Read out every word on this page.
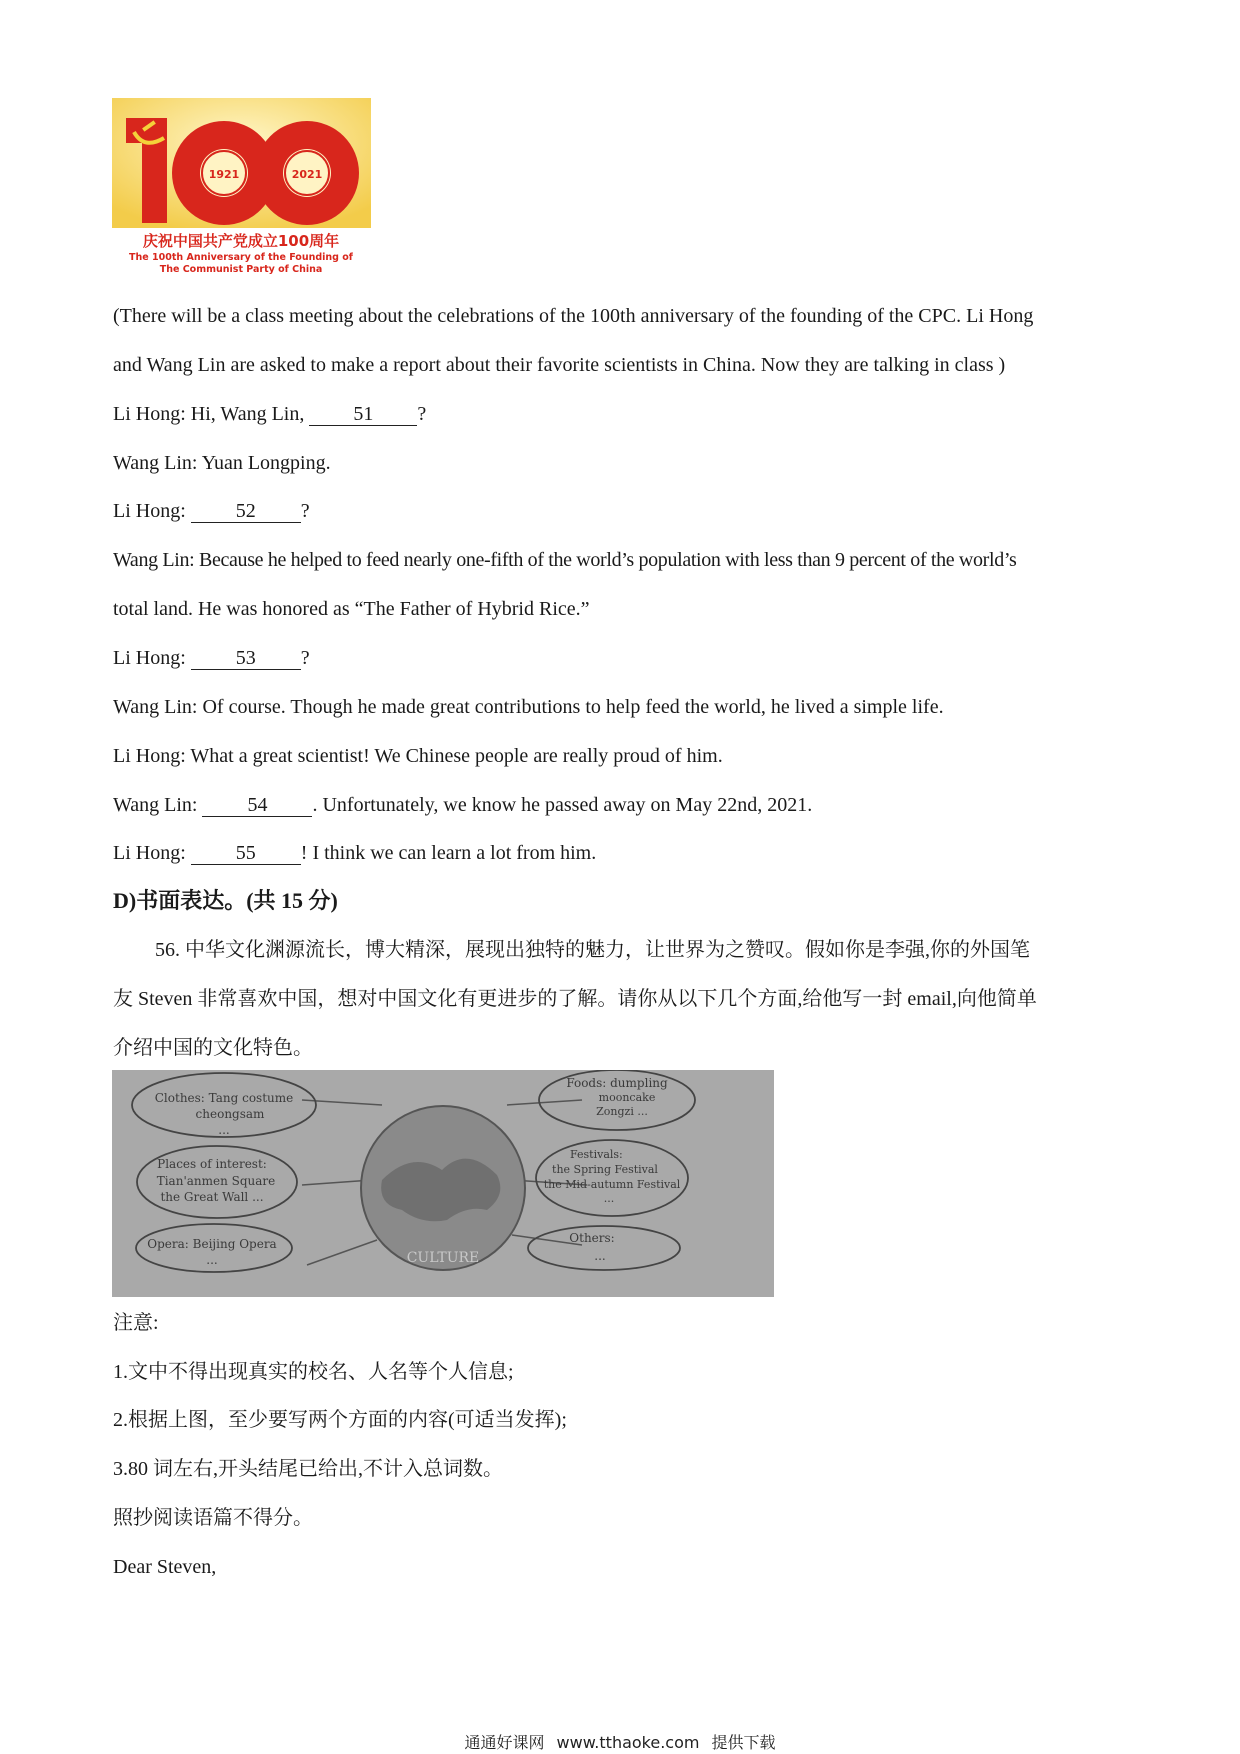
1921	2021
庆祝中国共产党成立100周年
The 100th Anniversary of the Founding of
The Communist Party of China
(There will be a class meeting about the celebrations of the 100th anniversary of the founding of the CPC. Li Hong
and Wang Lin are asked to make a report about their favorite scientists in China. Now they are talking in class )
Li Hong: Hi, Wang Lin, 51 ?
Wang Lin: Yuan Longping.
Li Hong: 52 ?
Wang Lin: Because he helped to feed nearly one-fifth of the world’s population with less than 9 percent of the world’s
total land. He was honored as “The Father of Hybrid Rice.”
Li Hong: 53 ?
Wang Lin: Of course. Though he made great contributions to help feed the world, he lived a simple life.
Li Hong: What a great scientist! We Chinese people are really proud of him.
Wang Lin: 54 . Unfortunately, we know he passed away on May 22nd, 2021.
Li Hong: 55 ! I think we can learn a lot from him.
D)书面表达。(共 15 分)
56. 中华文化渊源流长，博大精深，展现出独特的魅力，让世界为之赞叹。假如你是李强,你的外国笔
友 Steven 非常喜欢中国，想对中国文化有更进步的了解。请你从以下几个方面,给他写一封 email,向他简单
介绍中国的文化特色。
CULTURE
Clothes: Tang costume
cheongsam
...
Places of interest:
Tian'anmen Square
the Great Wall ...
Opera: Beijing Opera
...
Foods: dumpling
mooncake
Zongzi ...
Festivals:
the Spring Festival
the Mid-autumn Festival
...
Others:
...
注意:
1.文中不得出现真实的校名、人名等个人信息;
2.根据上图，至少要写两个方面的内容(可适当发挥);
3.80 词左右,开头结尾已给出,不计入总词数。
照抄阅读语篇不得分。
Dear Steven,
通通好课网 www.tthaoke.com 提供下载
